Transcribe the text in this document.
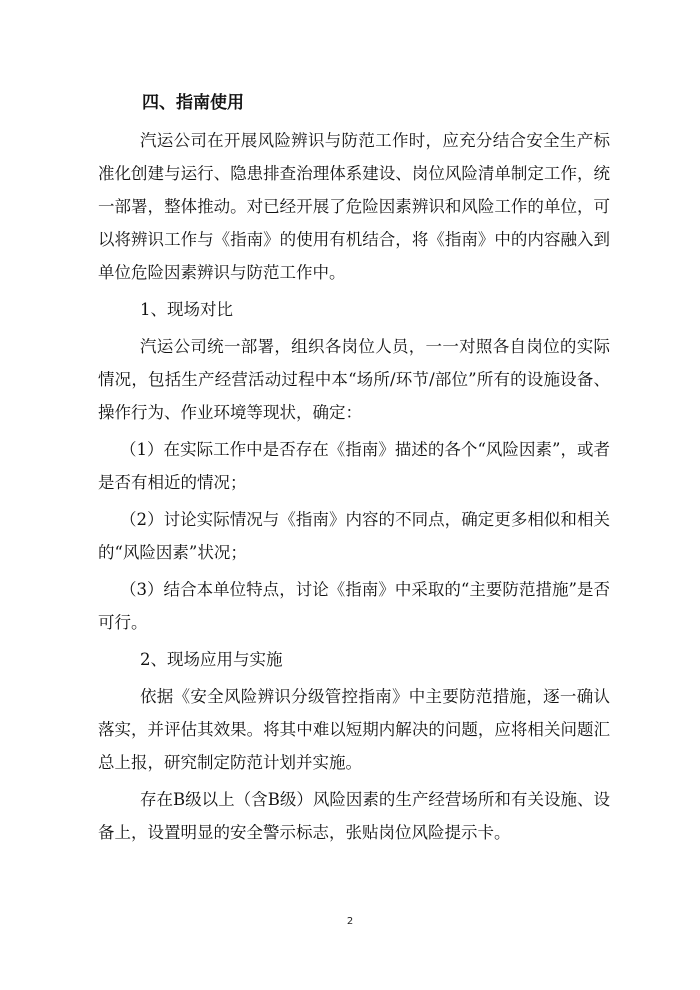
四、指南使用

汽运公司在开展风险辨识与防范工作时，应充分结合安全生产标准化创建与运行、隐患排查治理体系建设、岗位风险清单制定工作，统一部署，整体推动。对已经开展了危险因素辨识和风险工作的单位，可以将辨识工作与《指南》的使用有机结合，将《指南》中的内容融入到单位危险因素辨识与防范工作中。

1、现场对比

汽运公司统一部署，组织各岗位人员，一一对照各自岗位的实际情况，包括生产经营活动过程中本“场所/环节/部位”所有的设施设备、操作行为、作业环境等现状，确定：

（1）在实际工作中是否存在《指南》描述的各个“风险因素”，或者是否有相近的情况；

（2）讨论实际情况与《指南》内容的不同点，确定更多相似和相关的“风险因素”状况；

（3）结合本单位特点，讨论《指南》中采取的“主要防范措施”是否可行。

2、现场应用与实施

依据《安全风险辨识分级管控指南》中主要防范措施，逐一确认落实，并评估其效果。将其中难以短期内解决的问题，应将相关问题汇总上报，研究制定防范计划并实施。

存在B级以上（含B级）风险因素的生产经营场所和有关设施、设备上，设置明显的安全警示标志，张贴岗位风险提示卡。

2
